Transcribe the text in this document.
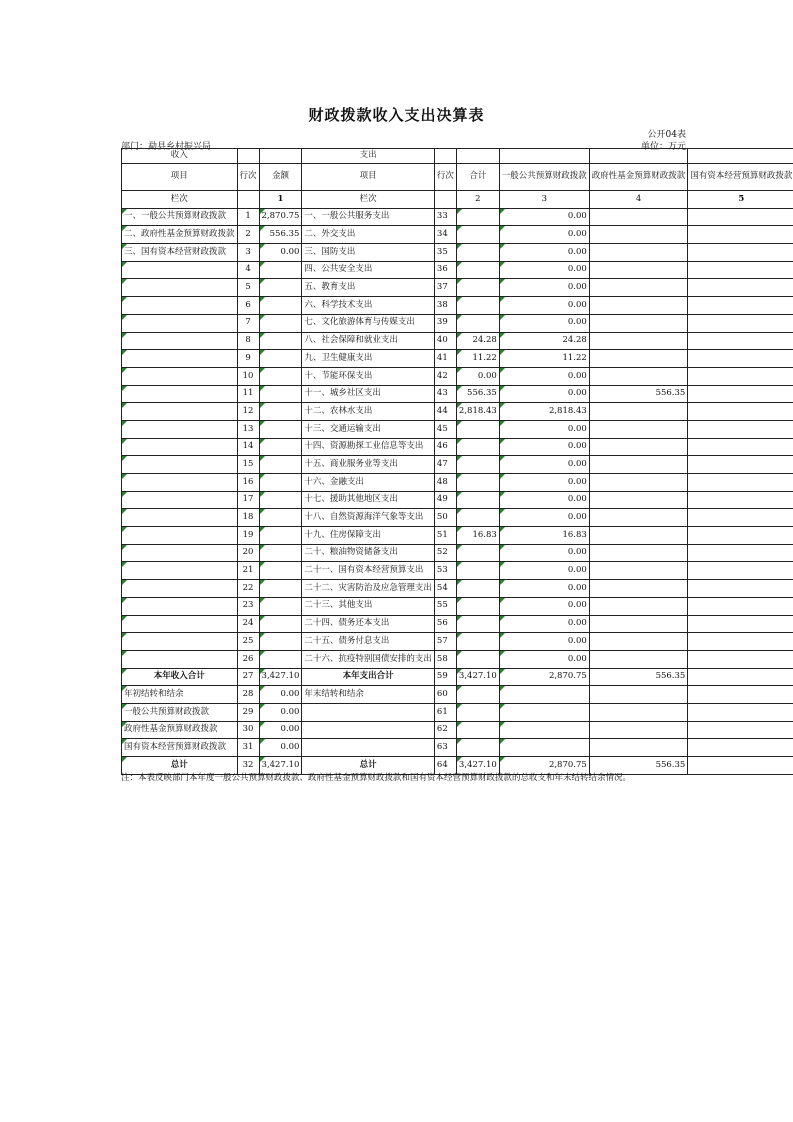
财政拨款收入支出决算表
公开04表
部门：勐县乡村振兴局	单位：万元
收入			支出					
项目	行次	金额	项目	行次	合计	一般公共预算财政拨款	政府性基金预算财政拨款	国有资本经营预算财政拨款
栏次		1	栏次		2	3	4	5
一、一般公共预算财政拨款	1	2,870.75	一、一般公共服务支出	33		0.00		
二、政府性基金预算财政拨款	2	556.35	二、外交支出	34		0.00		
三、国有资本经营财政拨款	3	0.00	三、国防支出	35		0.00		
	4		四、公共安全支出	36		0.00		
	5		五、教育支出	37		0.00		
	6		六、科学技术支出	38		0.00		
	7		七、文化旅游体育与传媒支出	39		0.00		
	8		八、社会保障和就业支出	40	24.28	24.28		
	9		九、卫生健康支出	41	11.22	11.22		
	10		十、节能环保支出	42	0.00	0.00		
	11		十一、城乡社区支出	43	556.35	0.00	556.35	
	12		十二、农林水支出	44	2,818.43	2,818.43		
	13		十三、交通运输支出	45		0.00		
	14		十四、资源勘探工业信息等支出	46		0.00		
	15		十五、商业服务业等支出	47		0.00		
	16		十六、金融支出	48		0.00		
	17		十七、援助其他地区支出	49		0.00		
	18		十八、自然资源海洋气象等支出	50		0.00		
	19		十九、住房保障支出	51	16.83	16.83		
	20		二十、粮油物资储备支出	52		0.00		
	21		二十一、国有资本经营预算支出	53		0.00		
	22		二十二、灾害防治及应急管理支出	54		0.00		
	23		二十三、其他支出	55		0.00		
	24		二十四、债务还本支出	56		0.00		
	25		二十五、债务付息支出	57		0.00		
	26		二十六、抗疫特别国债安排的支出	58		0.00		
本年收入合计	27	3,427.10	本年支出合计	59	3,427.10	2,870.75	556.35	
年初结转和结余	28	0.00	年末结转和结余	60				
一般公共预算财政拨款	29	0.00		61				
政府性基金预算财政拨款	30	0.00		62				
国有资本经营预算财政拨款	31	0.00		63				
总计	32	3,427.10	总计	64	3,427.10	2,870.75	556.35	
注：本表反映部门本年度一般公共预算财政拨款、政府性基金预算财政拨款和国有资本经营预算财政拨款的总收支和年末结转结余情况。
